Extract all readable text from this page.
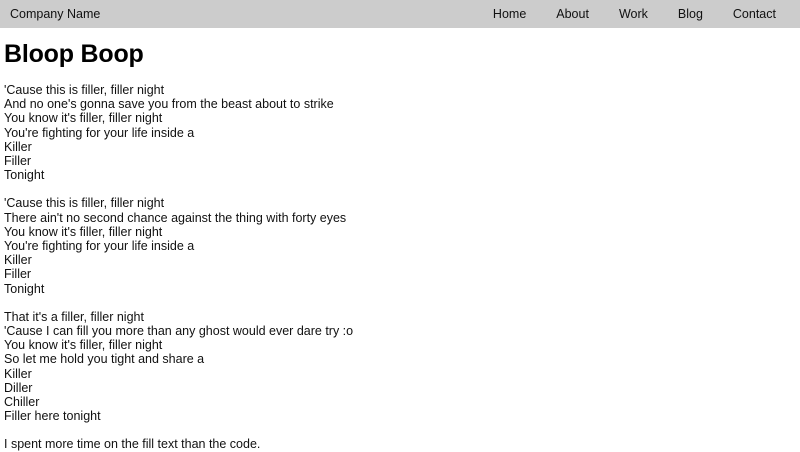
Company Name	Home About Work Blog Contact
Bloop Boop
'Cause this is filler, filler night
And no one's gonna save you from the beast about to strike
You know it's filler, filler night
You're fighting for your life inside a
Killer
Filler
Tonight
'Cause this is filler, filler night
There ain't no second chance against the thing with forty eyes
You know it's filler, filler night
You're fighting for your life inside a
Killer
Filler
Tonight
That it's a filler, filler night
'Cause I can fill you more than any ghost would ever dare try :o
You know it's filler, filler night
So let me hold you tight and share a
Killer
Diller
Chiller
Filler here tonight
I spent more time on the fill text than the code.
